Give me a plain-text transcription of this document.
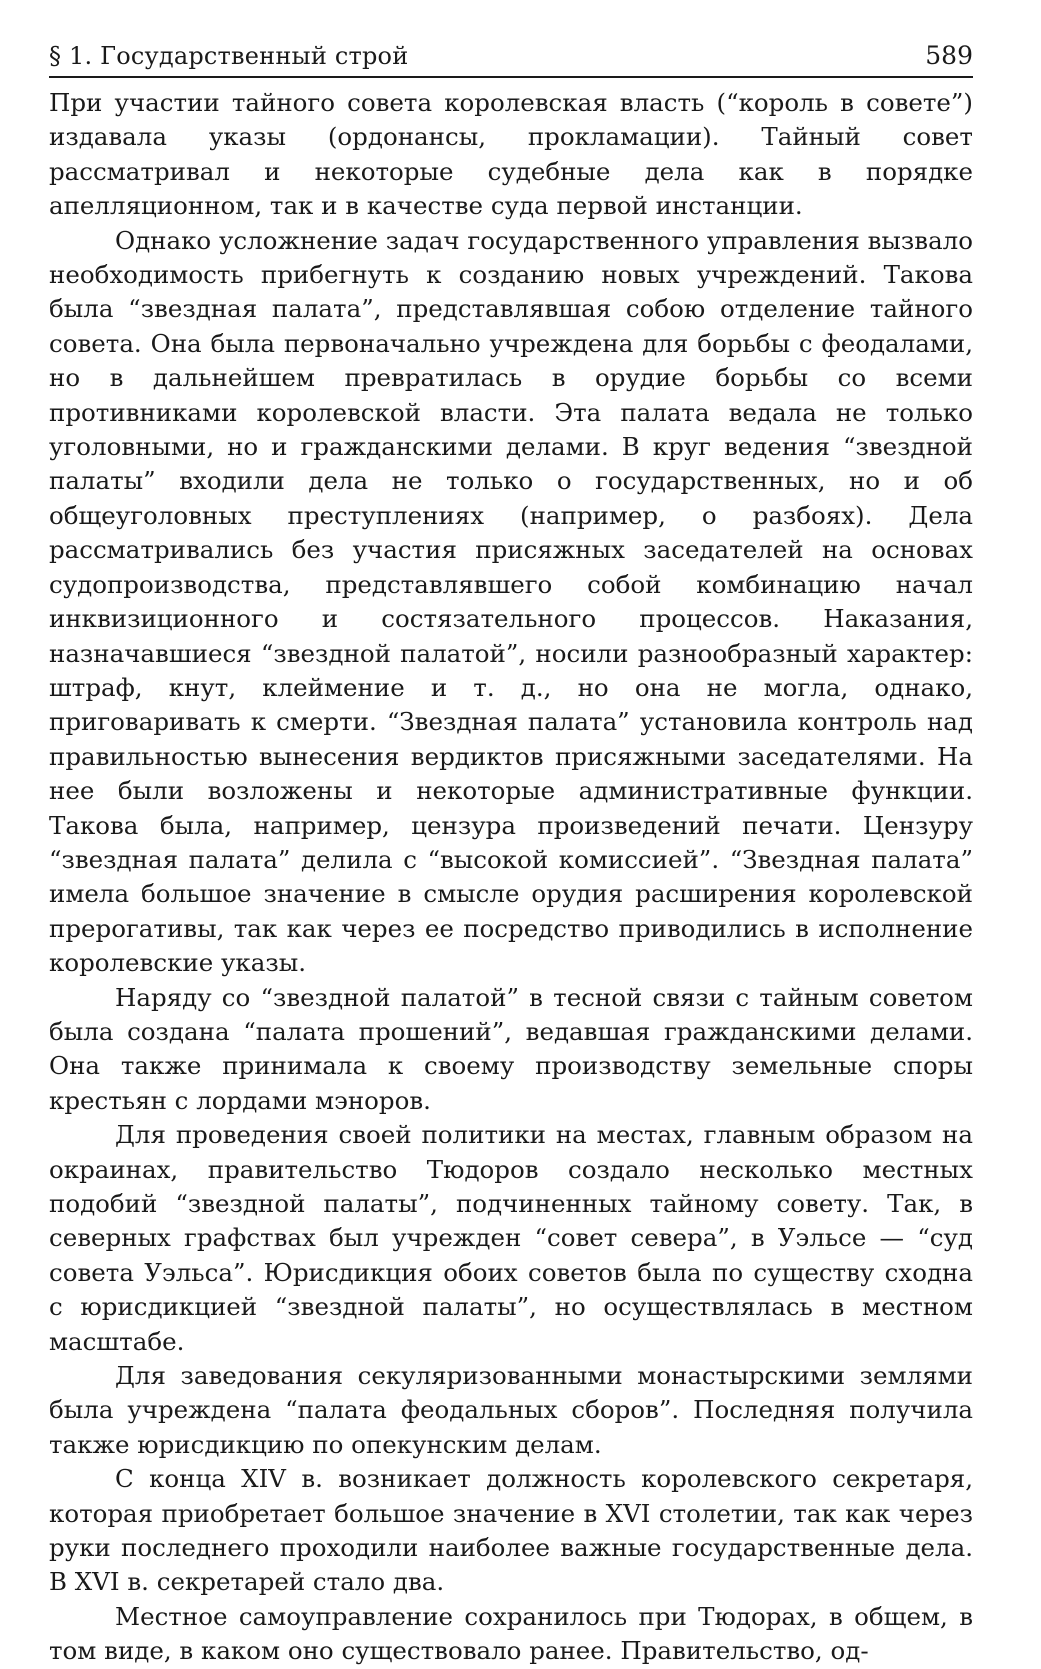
§ 1. Государственный строй	589

При участии тайного совета королевская власть (“король в совете”) издавала указы (ордонансы, прокламации). Тайный совет рассматривал и некоторые судебные дела как в порядке апелляционном, так и в качестве суда первой инстанции.

Однако усложнение задач государственного управления вызвало необходимость прибегнуть к созданию новых учреждений. Такова была “звездная палата”, представлявшая собою отделение тайного совета. Она была первоначально учреждена для борьбы с феодалами, но в дальнейшем превратилась в орудие борьбы со всеми противниками королевской власти. Эта палата ведала не только уголовными, но и гражданскими делами. В круг ведения “звездной палаты” входили дела не только о государственных, но и об общеуголовных преступлениях (например, о разбоях). Дела рассматривались без участия присяжных заседателей на основах судопроизводства, представлявшего собой комбинацию начал инквизиционного и состязательного процессов. Наказания, назначавшиеся “звездной палатой”, носили разнообразный характер: штраф, кнут, клеймение и т. д., но она не могла, однако, приговаривать к смерти. “Звездная палата” установила контроль над правильностью вынесения вердиктов присяжными заседателями. На нее были возложены и некоторые административные функции. Такова была, например, цензура произведений печати. Цензуру “звездная палата” делила с “высокой комиссией”. “Звездная палата” имела большое значение в смысле орудия расширения королевской прерогативы, так как через ее посредство приводились в исполнение королевские указы.

Наряду со “звездной палатой” в тесной связи с тайным советом была создана “палата прошений”, ведавшая гражданскими делами. Она также принимала к своему производству земельные споры крестьян с лордами мэноров.

Для проведения своей политики на местах, главным образом на окраинах, правительство Тюдоров создало несколько местных подобий “звездной палаты”, подчиненных тайному совету. Так, в северных графствах был учрежден “совет севера”, в Уэльсе — “суд совета Уэльса”. Юрисдикция обоих советов была по существу сходна с юрисдикцией “звездной палаты”, но осуществлялась в местном масштабе.

Для заведования секуляризованными монастырскими землями была учреждена “палата феодальных сборов”. Последняя получила также юрисдикцию по опекунским делам.

С конца XIV в. возникает должность королевского секретаря, которая приобретает большое значение в XVI столетии, так как через руки последнего проходили наиболее важные государственные дела. В XVI в. секретарей стало два.

Местное самоуправление сохранилось при Тюдорах, в общем, в том виде, в каком оно существовало ранее. Правительство, од-
